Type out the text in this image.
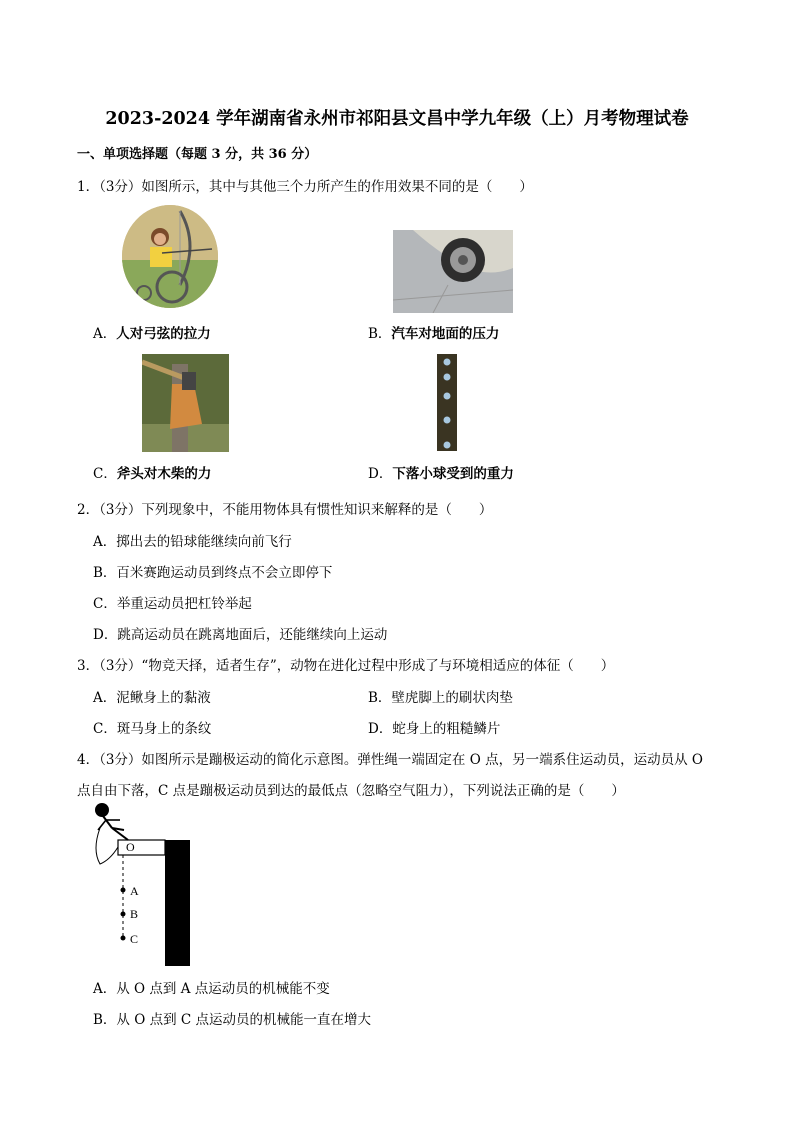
2023-2024 学年湖南省永州市祁阳县文昌中学九年级（上）月考物理试卷
一、单项选择题（每题 3 分，共 36 分）
1．（3分）如图所示，其中与其他三个力所产生的作用效果不同的是（　　）
A．人对弓弦的拉力	B．汽车对地面的压力
C．斧头对木柴的力	D．下落小球受到的重力
2．（3分）下列现象中，不能用物体具有惯性知识来解释的是（　　）
A．掷出去的铅球能继续向前飞行
B．百米赛跑运动员到终点不会立即停下
C．举重运动员把杠铃举起
D．跳高运动员在跳离地面后，还能继续向上运动
3．（3分）“物竞天择，适者生存”，动物在进化过程中形成了与环境相适应的体征（　　）
A．泥鳅身上的黏液	B．壁虎脚上的刷状肉垫
C．斑马身上的条纹	D．蛇身上的粗糙鳞片
4．（3分）如图所示是蹦极运动的简化示意图。弹性绳一端固定在 O 点，另一端系住运动员，运动员从 O
点自由下落，C 点是蹦极运动员到达的最低点（忽略空气阻力），下列说法正确的是（　　）
O
A
B
C
A．从 O 点到 A 点运动员的机械能不变
B．从 O 点到 C 点运动员的机械能一直在增大
